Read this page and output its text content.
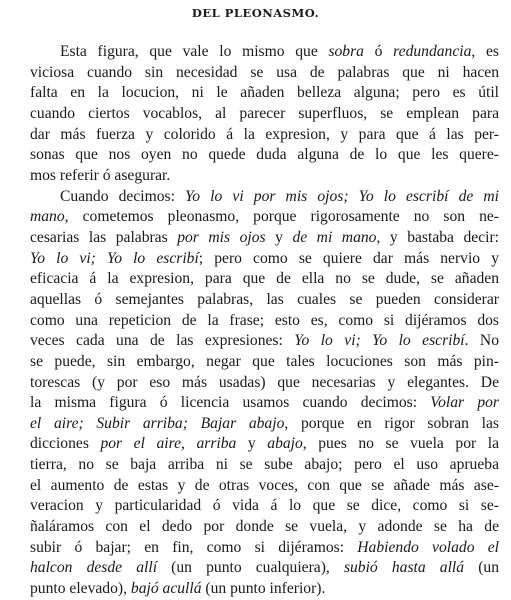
DEL PLEONASMO.
Esta figura, que vale lo mismo que sobra ó redundancia, es
viciosa cuando sin necesidad se usa de palabras que ni hacen
falta en la locucion, ni le añaden belleza alguna; pero es útil
cuando ciertos vocablos, al parecer superfluos, se emplean para
dar más fuerza y colorido á la expresion, y para que á las per-
sonas que nos oyen no quede duda alguna de lo que les quere-
mos referir ó asegurar.
Cuando decimos: Yo lo vi por mis ojos; Yo lo escribí de mi
mano, cometemos pleonasmo, porque rigorosamente no son ne-
cesarias las palabras por mis ojos y de mi mano, y bastaba decir:
Yo lo vi; Yo lo escribí; pero como se quiere dar más nervio y
eficacia á la expresion, para que de ella no se dude, se añaden
aquellas ó semejantes palabras, las cuales se pueden considerar
como una repeticion de la frase; esto es, como si dijéramos dos
veces cada una de las expresiones: Yo lo vi; Yo lo escribí. No
se puede, sin embargo, negar que tales locuciones son más pin-
torescas (y por eso más usadas) que necesarias y elegantes. De
la misma figura ó licencia usamos cuando decimos: Volar por
el aire; Subir arriba; Bajar abajo, porque en rigor sobran las
dicciones por el aire, arriba y abajo, pues no se vuela por la
tierra, no se baja arriba ni se sube abajo; pero el uso aprueba
el aumento de estas y de otras voces, con que se añade más ase-
veracion y particularidad ó vida á lo que se dice, como si se-
ñaláramos con el dedo por donde se vuela, y adonde se ha de
subir ó bajar; en fin, como si dijéramos: Habiendo volado el
halcon desde allí (un punto cualquiera), subió hasta allá (un
punto elevado), bajó acullá (un punto inferior).
